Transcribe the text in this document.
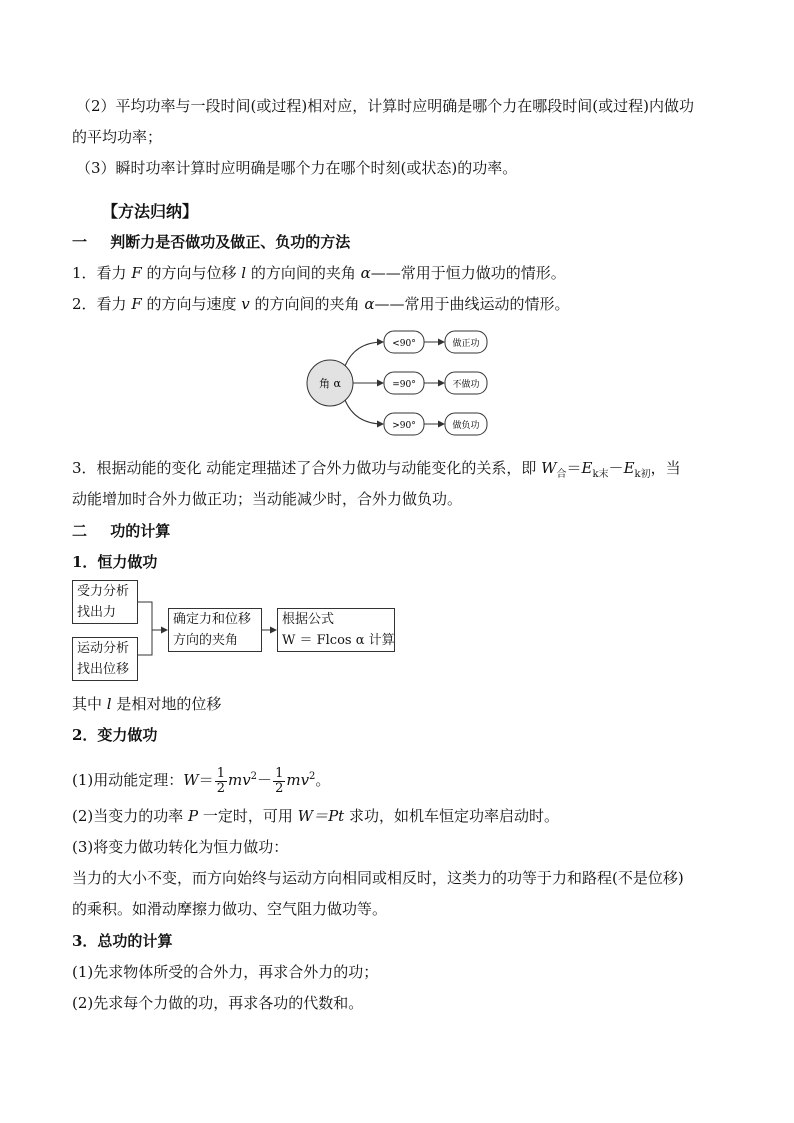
（2）平均功率与一段时间(或过程)相对应，计算时应明确是哪个力在哪段时间(或过程)内做功
的平均功率；
（3）瞬时功率计算时应明确是哪个力在哪个时刻(或状态)的功率。
【方法归纳】
一 判断力是否做功及做正、负功的方法
1．看力 F 的方向与位移 l 的方向间的夹角 α——常用于恒力做功的情形。
2．看力 F 的方向与速度 v 的方向间的夹角 α——常用于曲线运动的情形。
角 α
<90°
=90°
>90°
做正功
不做功
做负功
3．根据动能的变化 动能定理描述了合外力做功与动能变化的关系，即 $W_合=E_{k末}-E_{k初}$，当
动能增加时合外力做正功；当动能减少时，合外力做负功。
二 功的计算
1．恒力做功
受力分析
找出力
运动分析
找出位移
确定力和位移
方向的夹角
根据公式
W ＝ Flcos α 计算
其中 l 是相对地的位移
2．变力做功
(1)用动能定理：$W= \frac{1}{2} mv^2- \frac{1}{2} mv^2$。
(2)当变力的功率 P 一定时，可用 W＝Pt 求功，如机车恒定功率启动时。
(3)将变力做功转化为恒力做功：
当力的大小不变，而方向始终与运动方向相同或相反时，这类力的功等于力和路程(不是位移)
的乘积。如滑动摩擦力做功、空气阻力做功等。
3．总功的计算
(1)先求物体所受的合外力，再求合外力的功；
(2)先求每个力做的功，再求各功的代数和。
